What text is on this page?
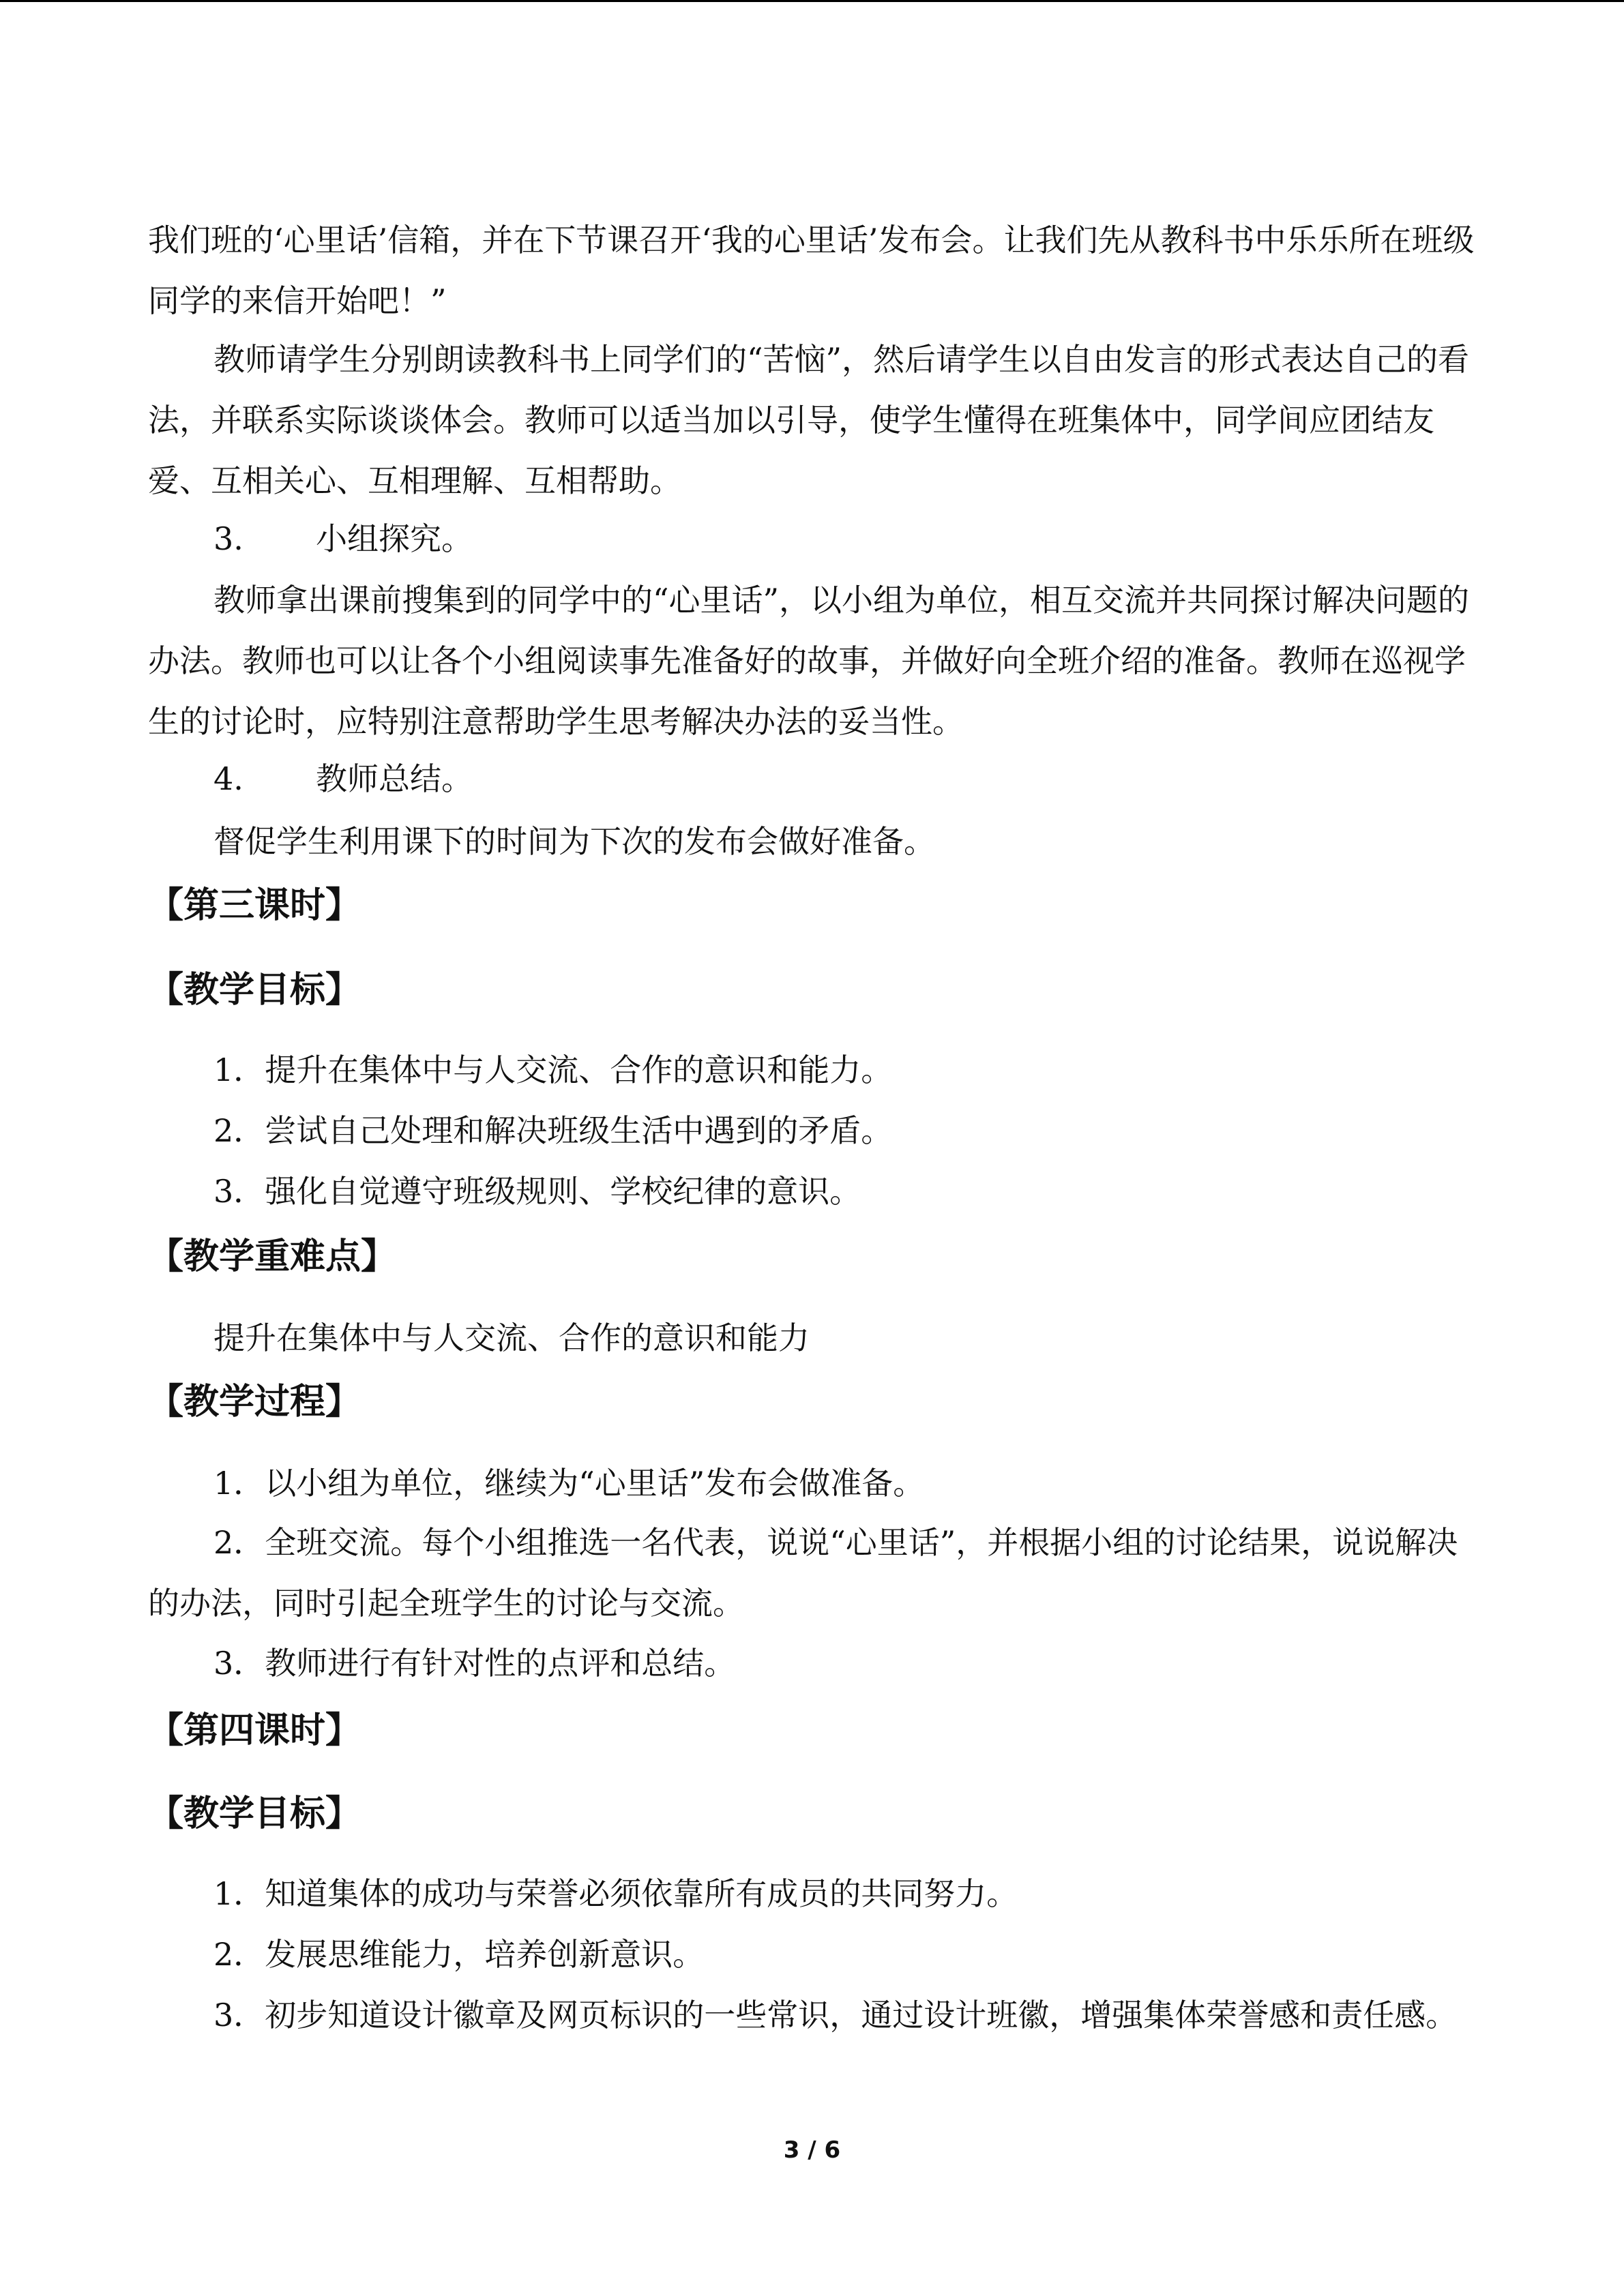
我们班的‘心里话’信箱，并在下节课召开‘我的心里话’发布会。让我们先从教科书中乐乐所在班级同学的来信开始吧！”

教师请学生分别朗读教科书上同学们的“苦恼”，然后请学生以自由发言的形式表达自己的看法，并联系实际谈谈体会。教师可以适当加以引导，使学生懂得在班集体中，同学间应团结友爱、互相关心、互相理解、互相帮助。

3. 小组探究。

教师拿出课前搜集到的同学中的“心里话”，以小组为单位，相互交流并共同探讨解决问题的办法。教师也可以让各个小组阅读事先准备好的故事，并做好向全班介绍的准备。教师在巡视学生的讨论时，应特别注意帮助学生思考解决办法的妥当性。

4. 教师总结。

督促学生利用课下的时间为下次的发布会做好准备。

【第三课时】

【教学目标】

1．提升在集体中与人交流、合作的意识和能力。

2．尝试自己处理和解决班级生活中遇到的矛盾。

3．强化自觉遵守班级规则、学校纪律的意识。

【教学重难点】

提升在集体中与人交流、合作的意识和能力

【教学过程】

1．以小组为单位，继续为“心里话”发布会做准备。

2．全班交流。每个小组推选一名代表，说说“心里话”，并根据小组的讨论结果，说说解决的办法，同时引起全班学生的讨论与交流。

3．教师进行有针对性的点评和总结。

【第四课时】

【教学目标】

1．知道集体的成功与荣誉必须依靠所有成员的共同努力。

2．发展思维能力，培养创新意识。

3．初步知道设计徽章及网页标识的一些常识，通过设计班徽，增强集体荣誉感和责任感。

3 / 6
